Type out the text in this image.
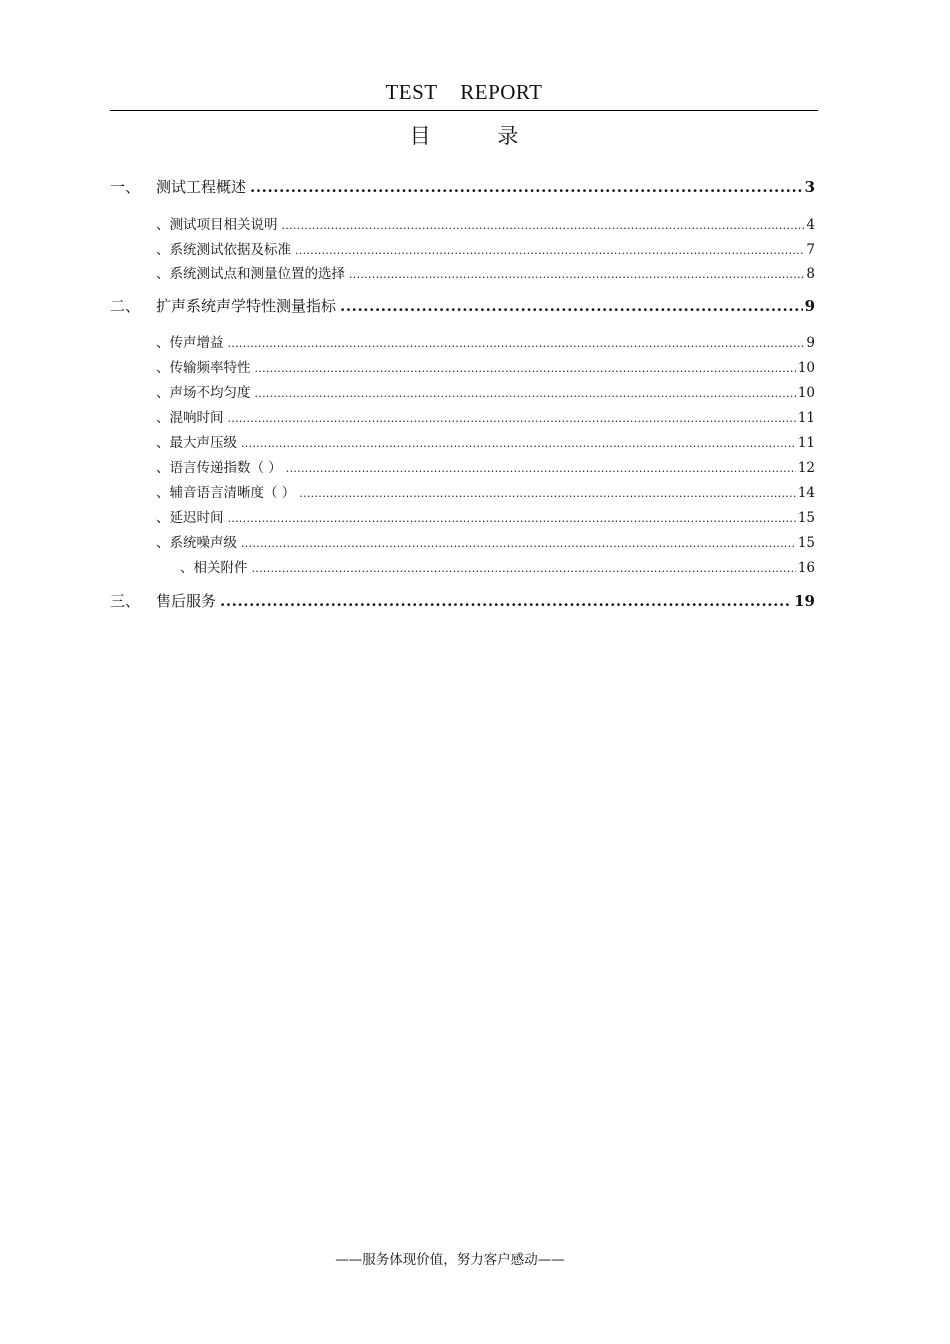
TEST    REPORT
目          录
一、	测试工程概述 .....	3
、测试项目相关说明 .....	4
、系统测试依据及标准 .....	7
、系统测试点和测量位置的选择 .....	8
二、	扩声系统声学特性测量指标 .....	9
、传声增益 .....	9
、传输频率特性 .....	10
、声场不均匀度 .....	10
、混响时间 .....	11
、最大声压级 .....	11
、语言传递指数（ ） .....	12
、辅音语言清晰度（ ） .....	14
、延迟时间 .....	15
、系统噪声级 .....	15
、相关附件 .....	16
三、	售后服务 .....	19
——服务体现价值，努力客户感动——
